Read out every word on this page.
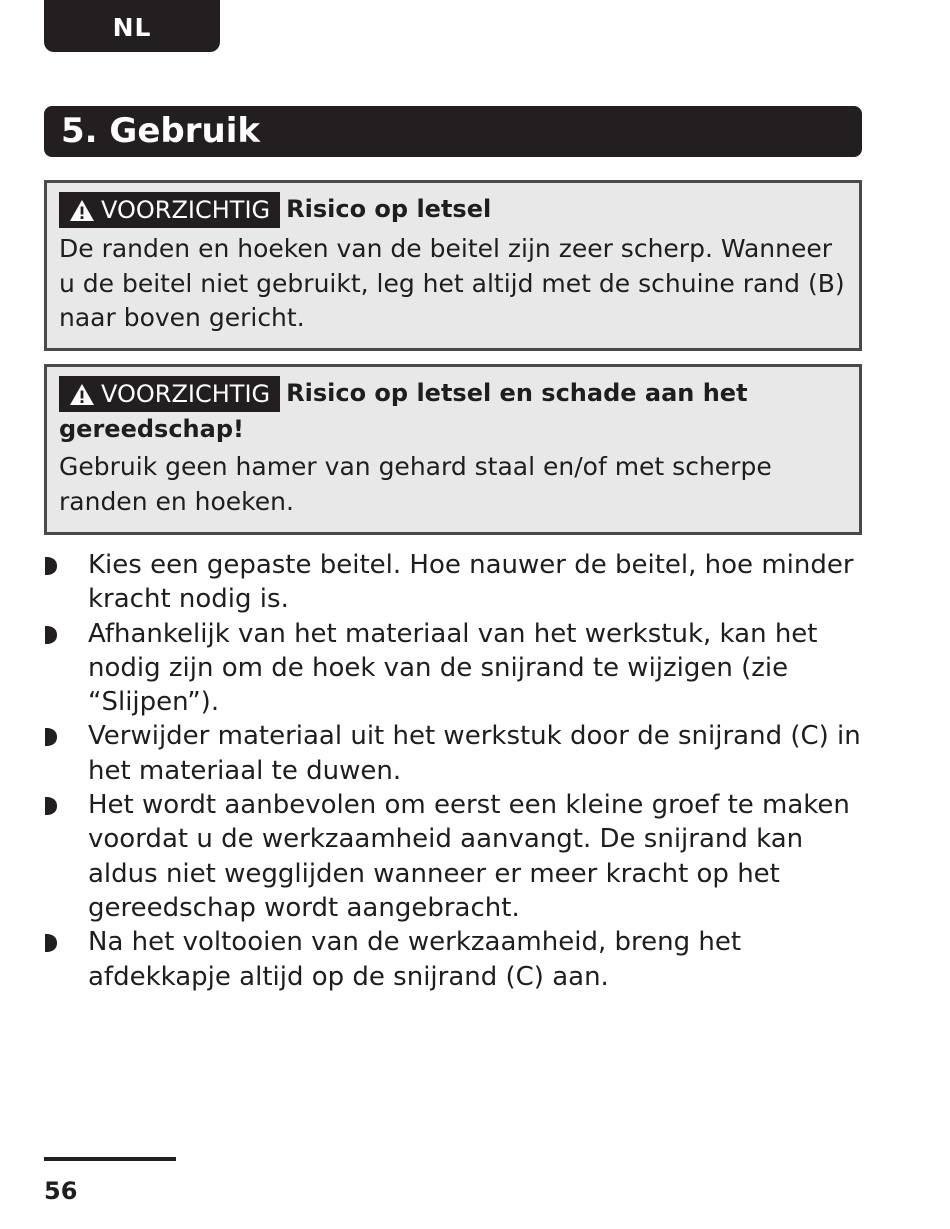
NL
5. Gebruik
VOORZICHTIG Risico op letsel
De randen en hoeken van de beitel zijn zeer scherp. Wanneer u de beitel niet gebruikt, leg het altijd met de schuine rand (B) naar boven gericht.
VOORZICHTIG Risico op letsel en schade aan het gereedschap!
Gebruik geen hamer van gehard staal en/of met scherpe randen en hoeken.
Kies een gepaste beitel. Hoe nauwer de beitel, hoe minder kracht nodig is.
Afhankelijk van het materiaal van het werkstuk, kan het nodig zijn om de hoek van de snijrand te wijzigen (zie “Slijpen”).
Verwijder materiaal uit het werkstuk door de snijrand (C) in het materiaal te duwen.
Het wordt aanbevolen om eerst een kleine groef te maken voordat u de werkzaamheid aanvangt. De snijrand kan aldus niet wegglijden wanneer er meer kracht op het gereedschap wordt aangebracht.
Na het voltooien van de werkzaamheid, breng het afdekkapje altijd op de snijrand (C) aan.
56
